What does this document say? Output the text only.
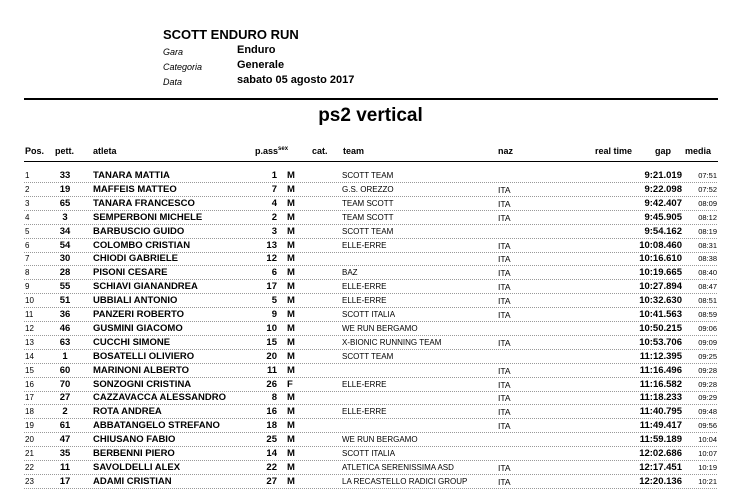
SCOTT ENDURO RUN
Gara	Enduro
Categoria	Generale
Data	sabato 05 agosto 2017
ps2 vertical
Pos. pett. atleta	p.ass$^{sex}$	cat. team	naz	real time	gap media
1	33	TANARA MATTIA	1 M	SCOTT TEAM	9:21.019	07:51
2	19	MAFFEIS MATTEO	7 M	G.S. OREZZO	ITA	9:22.098	07:52
3	65	TANARA FRANCESCO	4 M	TEAM SCOTT	ITA	9:42.407	08:09
4	3	SEMPERBONI MICHELE	2 M	TEAM SCOTT	ITA	9:45.905	08:12
5	34	BARBUSCIO GUIDO	3 M	SCOTT TEAM	9:54.162	08:19
6	54	COLOMBO CRISTIAN	13 M	ELLE-ERRE	ITA	10:08.460	08:31
7	30	CHIODI GABRIELE	12 M	ITA	10:16.610	08:38
8	28	PISONI CESARE	6 M	BAZ	ITA	10:19.665	08:40
9	55	SCHIAVI GIANANDREA	17 M	ELLE-ERRE	ITA	10:27.894	08:47
10	51	UBBIALI ANTONIO	5 M	ELLE-ERRE	ITA	10:32.630	08:51
11	36	PANZERI ROBERTO	9 M	SCOTT ITALIA	ITA	10:41.563	08:59
12	46	GUSMINI GIACOMO	10 M	WE RUN BERGAMO	10:50.215	09:06
13	63	CUCCHI SIMONE	15 M	X-BIONIC RUNNING TEAM	ITA	10:53.706	09:09
14	1	BOSATELLI OLIVIERO	20 M	SCOTT TEAM	11:12.395	09:25
15	60	MARINONI ALBERTO	11 M	ITA	11:16.496	09:28
16	70	SONZOGNI CRISTINA	26 F	ELLE-ERRE	ITA	11:16.582	09:28
17	27	CAZZAVACCA ALESSANDRO	8 M	ITA	11:18.233	09:29
18	2	ROTA ANDREA	16 M	ELLE-ERRE	ITA	11:40.795	09:48
19	61	ABBATANGELO STREFANO	18 M	ITA	11:49.417	09:56
20	47	CHIUSANO FABIO	25 M	WE RUN BERGAMO	11:59.189	10:04
21	35	BERBENNI PIERO	14 M	SCOTT ITALIA	12:02.686	10:07
22	11	SAVOLDELLI ALEX	22 M	ATLETICA SERENISSIMA ASD	ITA	12:17.451	10:19
23	17	ADAMI CRISTIAN	27 M	LA RECASTELLO RADICI GROUP	ITA	12:20.136	10:21
